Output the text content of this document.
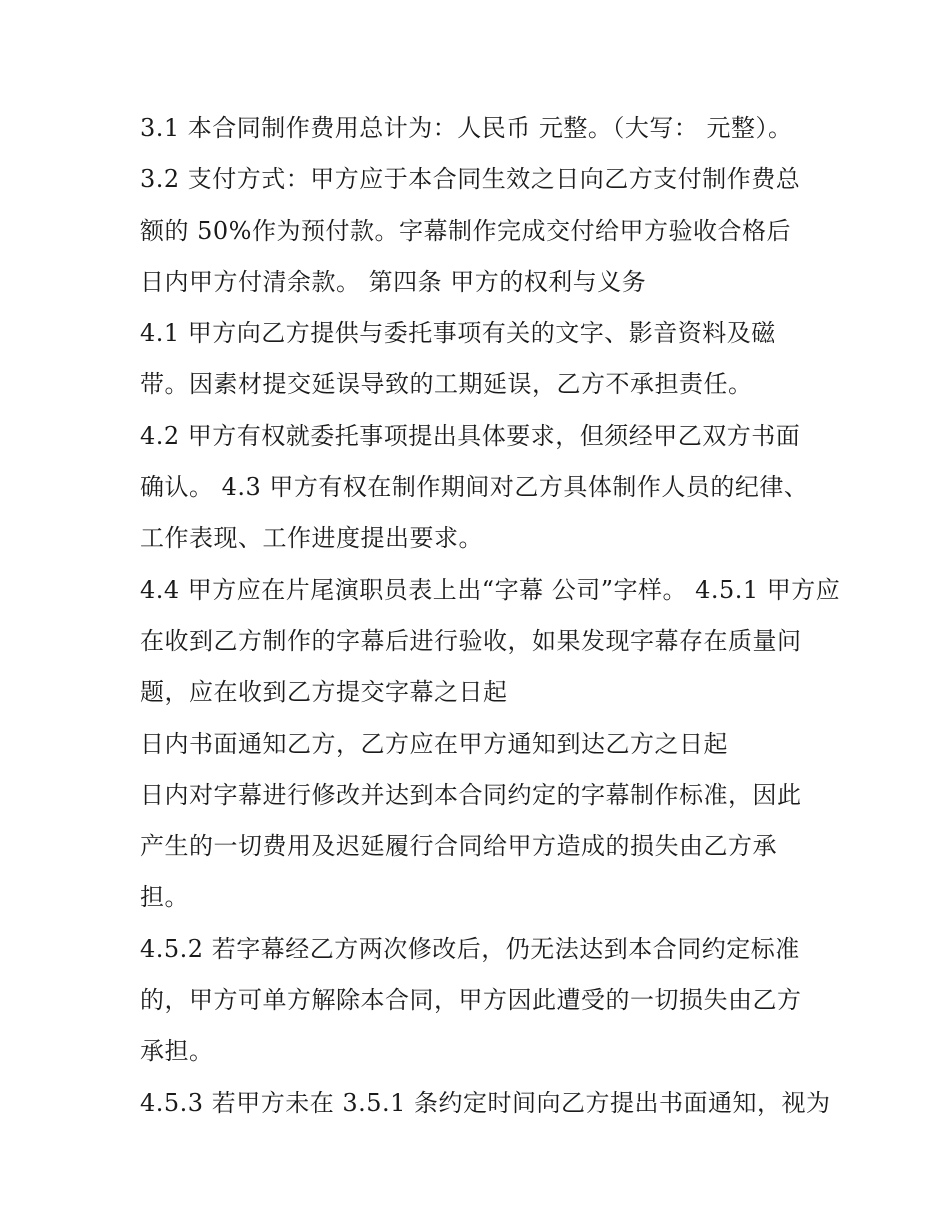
3.1 本合同制作费用总计为：人民币 元整。（大写： 元整）。
3.2 支付方式：甲方应于本合同生效之日向乙方支付制作费总
额的 50%作为预付款。字幕制作完成交付给甲方验收合格后
日内甲方付清余款。 第四条 甲方的权利与义务
4.1 甲方向乙方提供与委托事项有关的文字、影音资料及磁
带。因素材提交延误导致的工期延误，乙方不承担责任。
4.2 甲方有权就委托事项提出具体要求，但须经甲乙双方书面
确认。 4.3 甲方有权在制作期间对乙方具体制作人员的纪律、
工作表现、工作进度提出要求。
4.4 甲方应在片尾演职员表上出“字幕 公司”字样。 4.5.1 甲方应
在收到乙方制作的字幕后进行验收，如果发现字幕存在质量问
题，应在收到乙方提交字幕之日起
日内书面通知乙方，乙方应在甲方通知到达乙方之日起
日内对字幕进行修改并达到本合同约定的字幕制作标准，因此
产生的一切费用及迟延履行合同给甲方造成的损失由乙方承
担。
4.5.2 若字幕经乙方两次修改后，仍无法达到本合同约定标准
的，甲方可单方解除本合同，甲方因此遭受的一切损失由乙方
承担。
4.5.3 若甲方未在 3.5.1 条约定时间向乙方提出书面通知，视为
